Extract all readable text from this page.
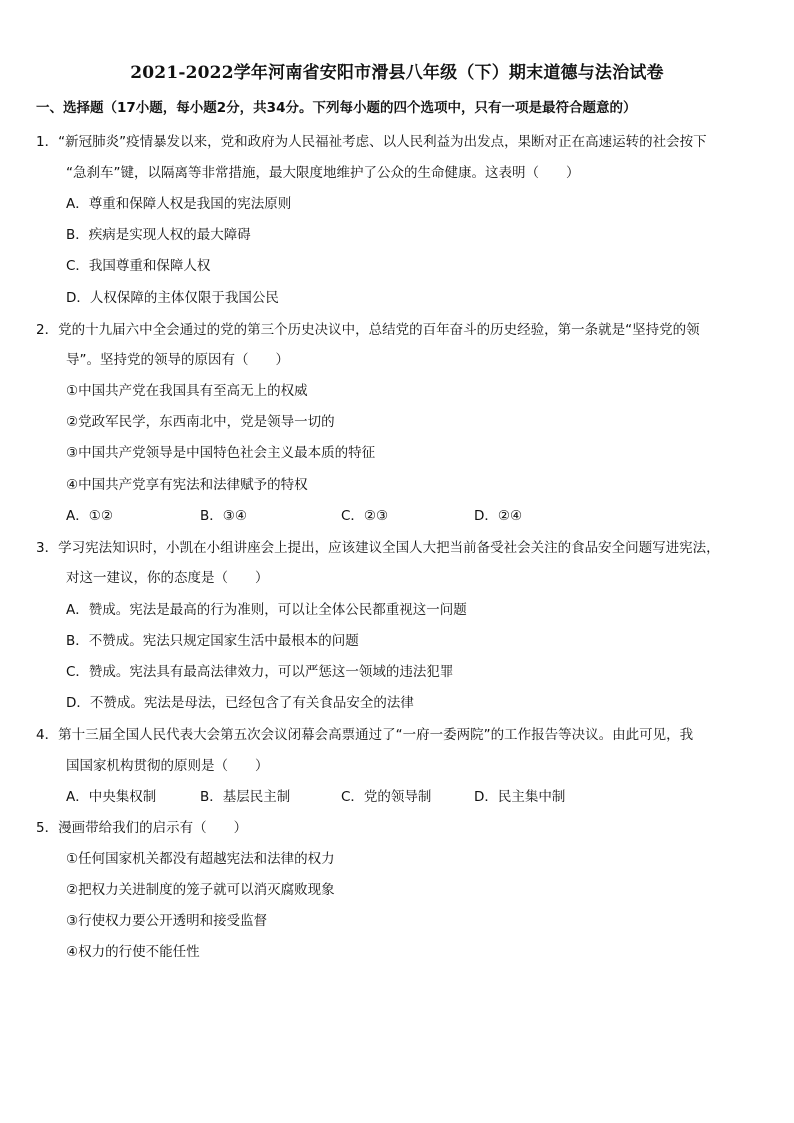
2021-2022学年河南省安阳市滑县八年级（下）期末道德与法治试卷
一、选择题（17小题，每小题2分，共34分。下列每小题的四个选项中，只有一项是最符合题意的）
1．“新冠肺炎”疫情暴发以来，党和政府为人民福祉考虑、以人民利益为出发点，果断对正在高速运转的社会按下
“急刹车”键，以隔离等非常措施，最大限度地维护了公众的生命健康。这表明（　　）
A．尊重和保障人权是我国的宪法原则
B．疾病是实现人权的最大障碍
C．我国尊重和保障人权
D．人权保障的主体仅限于我国公民
2．党的十九届六中全会通过的党的第三个历史决议中，总结党的百年奋斗的历史经验，第一条就是“坚持党的领
导”。坚持党的领导的原因有（　　）
①中国共产党在我国具有至高无上的权威
②党政军民学，东西南北中，党是领导一切的
③中国共产党领导是中国特色社会主义最本质的特征
④中国共产党享有宪法和法律赋予的特权
A．①②	B．③④	C．②③	D．②④
3．学习宪法知识时，小凯在小组讲座会上提出，应该建议全国人大把当前备受社会关注的食品安全问题写进宪法，
对这一建议，你的态度是（　　）
A．赞成。宪法是最高的行为准则，可以让全体公民都重视这一问题
B．不赞成。宪法只规定国家生活中最根本的问题
C．赞成。宪法具有最高法律效力，可以严惩这一领域的违法犯罪
D．不赞成。宪法是母法，已经包含了有关食品安全的法律
4．第十三届全国人民代表大会第五次会议闭幕会高票通过了“一府一委两院”的工作报告等决议。由此可见，我
国国家机构贯彻的原则是（　　）
A．中央集权制	B．基层民主制	C．党的领导制	D．民主集中制
5．漫画带给我们的启示有（　　）
①任何国家机关都没有超越宪法和法律的权力
②把权力关进制度的笼子就可以消灭腐败现象
③行使权力要公开透明和接受监督
④权力的行使不能任性
